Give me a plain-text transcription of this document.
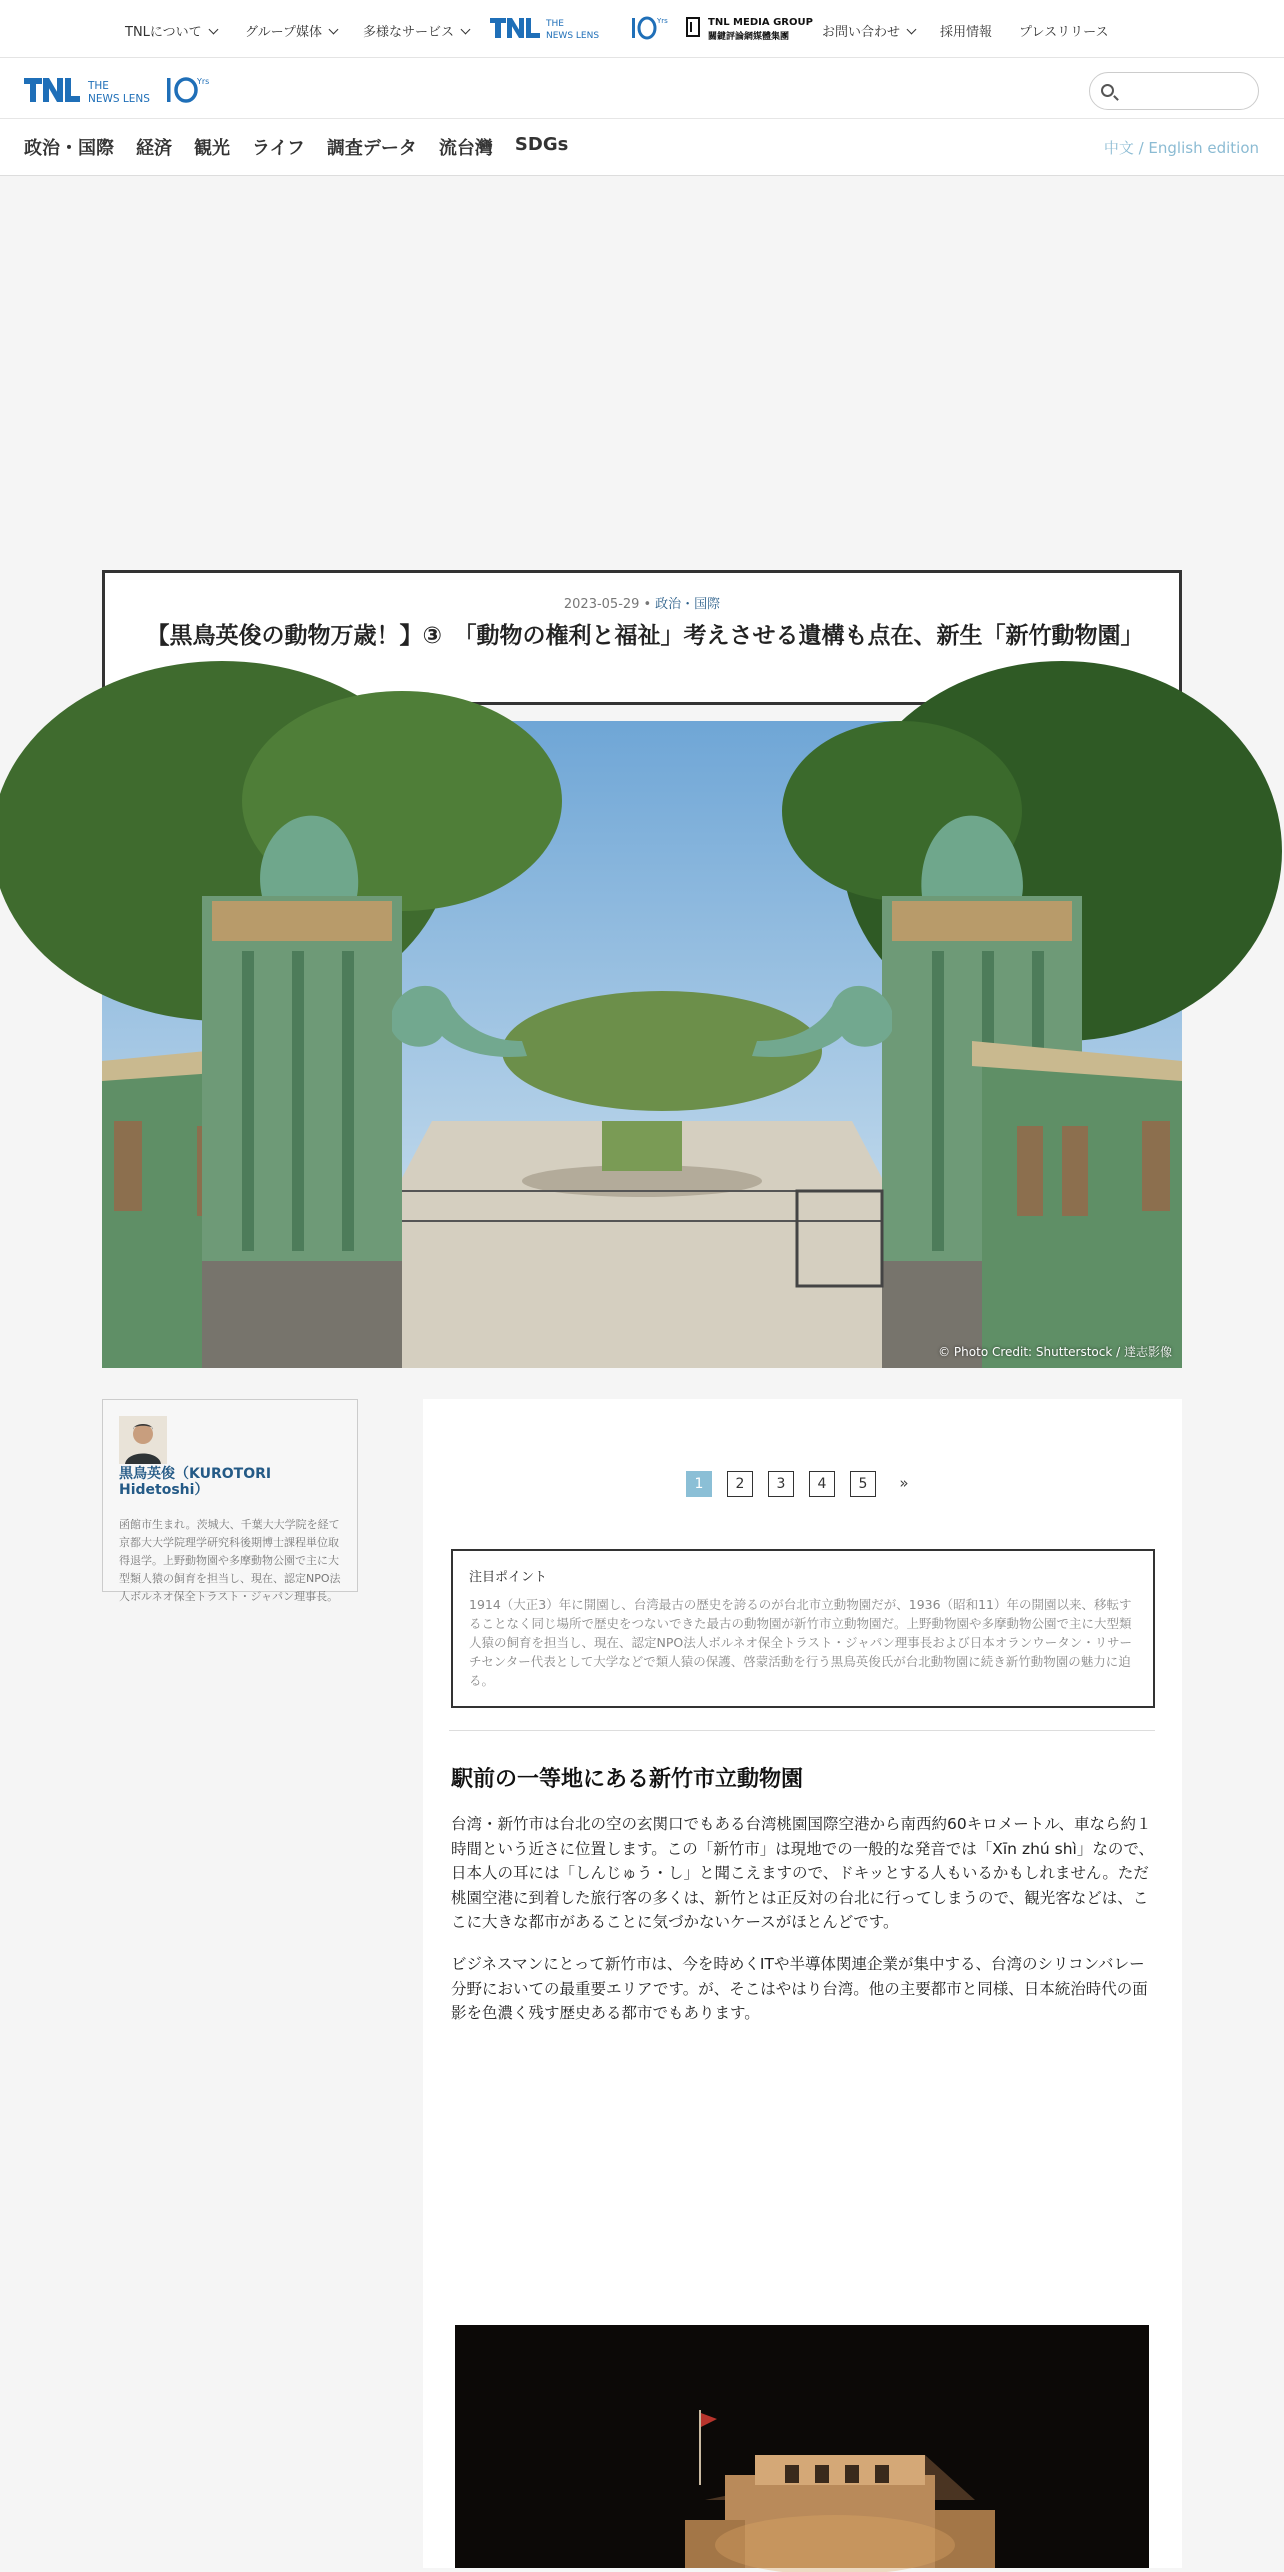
TNLについて	グループ媒体	多様なサービス
THE
NEWS LENS
Yrs	TNL MEDIA GROUP
關鍵評論網媒體集團	お問い合わせ	採用情報 プレスリリース
THE
NEWS LENS
Yrs
政治・国際 経済 観光 ライフ 調査データ 流台灣 SDGs	中文 / English edition
2023-05-29 • 政治・国際
【黒鳥英俊の動物万歳！】③　「動物の権利と福祉」考えさせる遺構も点在、新生「新竹動物園」
© Photo Credit: Shutterstock / 達志影像
黒鳥英俊（KUROTORI Hidetoshi）
函館市生まれ。茨城大、千葉大大学院を経て京都大大学院理学研究科後期博士課程単位取得退学。上野動物園や多摩動物公園で主に大型類人猿の飼育を担当し、現在、認定NPO法人ボルネオ保全トラスト・ジャパン理事長。
1	2	3	4	5	»
注目ポイント
1914（大正3）年に開園し、台湾最古の歴史を誇るのが台北市立動物園だが、1936（昭和11）年の開園以来、移転することなく同じ場所で歴史をつないできた最古の動物園が新竹市立動物園だ。上野動物園や多摩動物公園で主に大型類人猿の飼育を担当し、現在、認定NPO法人ボルネオ保全トラスト・ジャパン理事長および日本オランウータン・リサーチセンター代表として大学などで類人猿の保護、啓蒙活動を行う黒鳥英俊氏が台北動物園に続き新竹動物園の魅力に迫る。
駅前の一等地にある新竹市立動物園

台湾・新竹市は台北の空の玄関口でもある台湾桃園国際空港から南西約60キロメートル、車なら約１時間という近さに位置します。この「新竹市」は現地での一般的な発音では「Xīn zhú shì」なので、日本人の耳には「しんじゅう・し」と聞こえますので、ドキッとする人もいるかもしれません。ただ桃園空港に到着した旅行客の多くは、新竹とは正反対の台北に行ってしまうので、観光客などは、ここに大きな都市があることに気づかないケースがほとんどです。

ビジネスマンにとって新竹市は、今を時めくITや半導体関連企業が集中する、台湾のシリコンバレー分野においての最重要エリアです。が、そこはやはり台湾。他の主要都市と同様、日本統治時代の面影を色濃く残す歴史ある都市でもあります。
